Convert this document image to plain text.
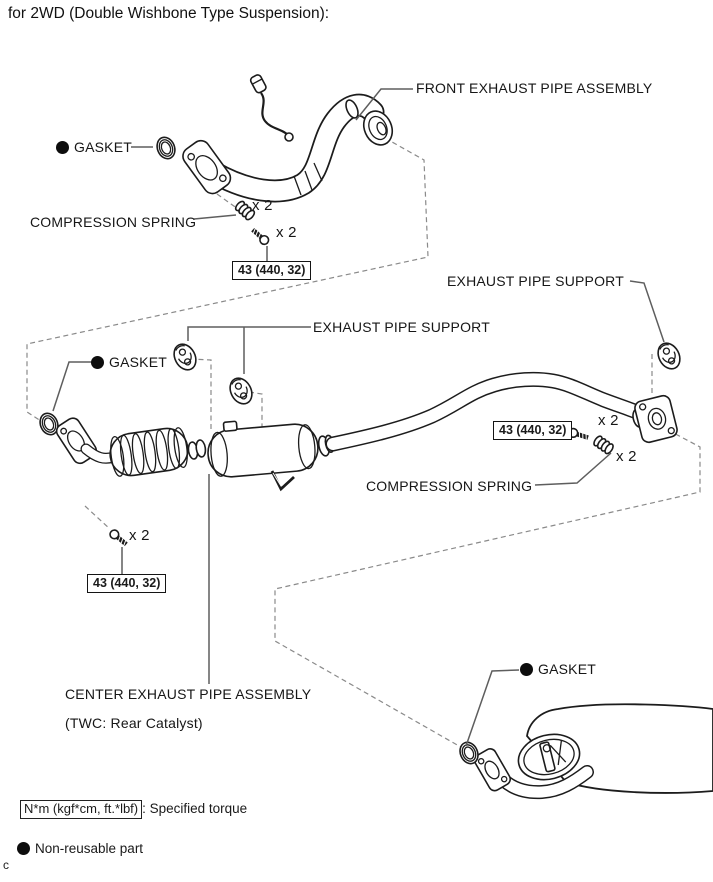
for 2WD (Double Wishbone Type Suspension):
FRONT EXHAUST PIPE ASSEMBLY
GASKET
COMPRESSION SPRING
x 2
x 2
43 (440, 32)
EXHAUST PIPE SUPPORT
EXHAUST PIPE SUPPORT
GASKET
43 (440, 32)
x 2
x 2
COMPRESSION SPRING
x 2
43 (440, 32)
CENTER EXHAUST PIPE ASSEMBLY
(TWC: Rear Catalyst)
GASKET
N*m (kgf*cm, ft.*lbf) : Specified torque
Non-reusable part
c
